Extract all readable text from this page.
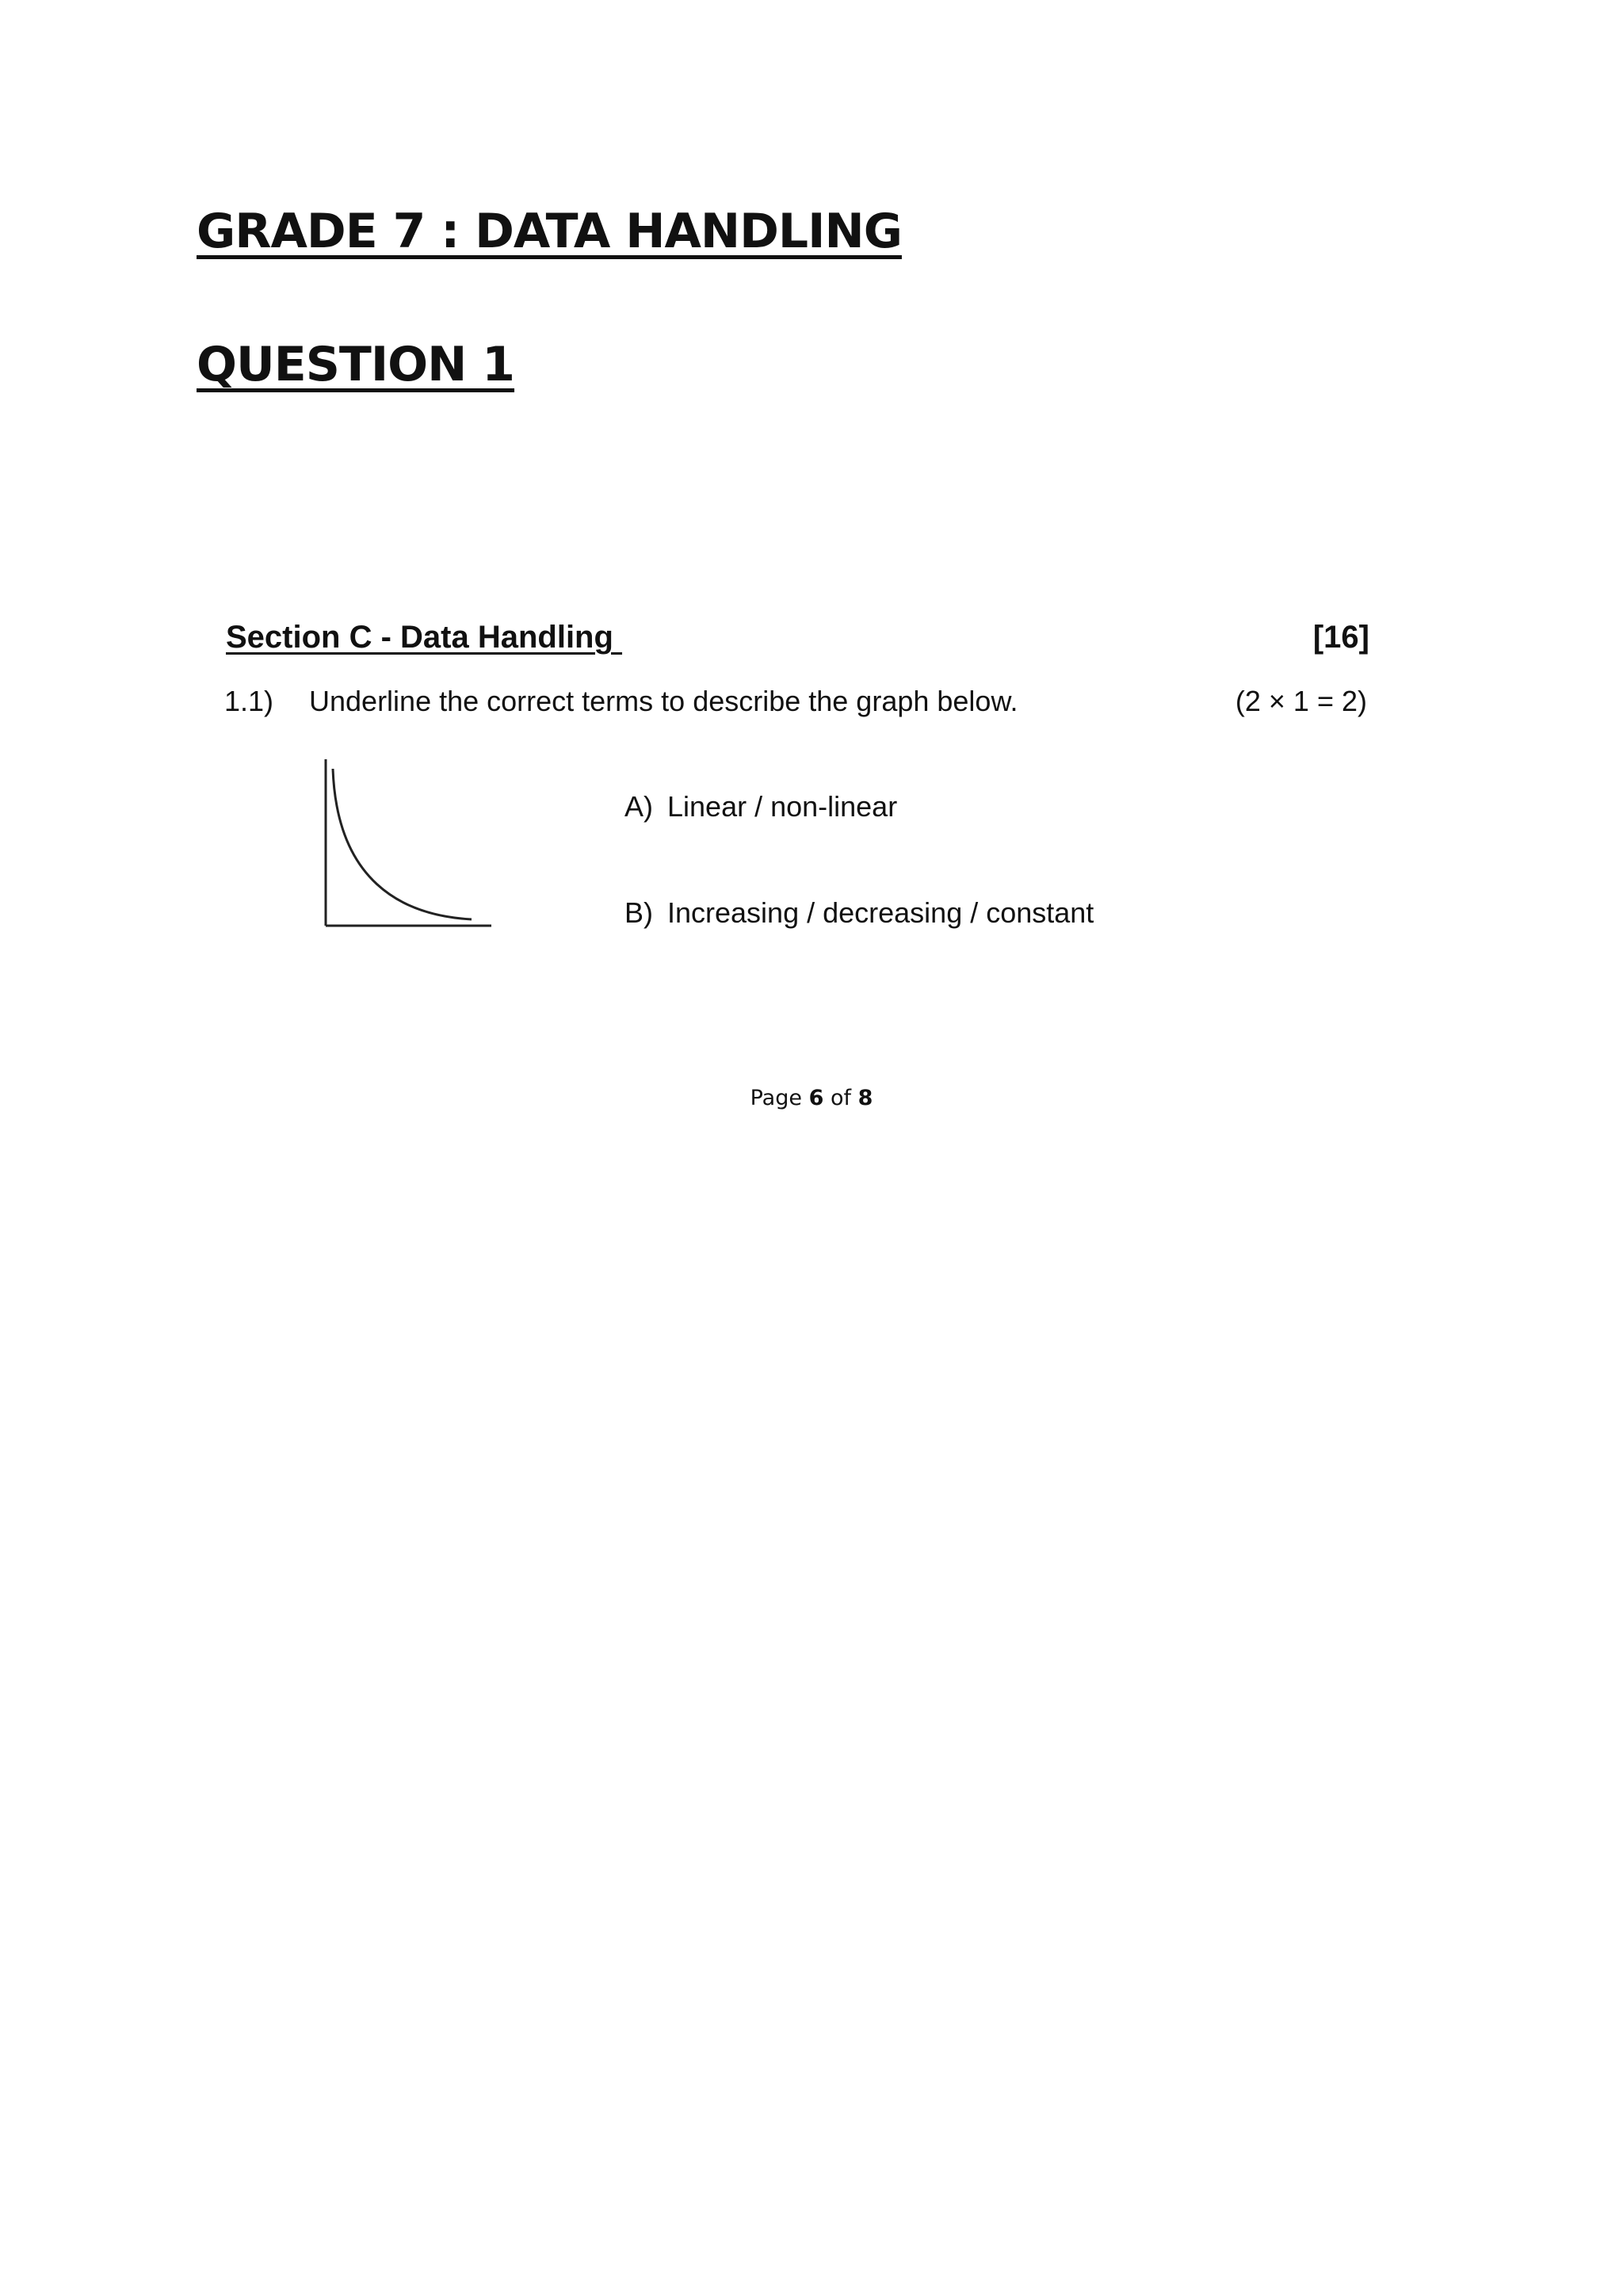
GRADE 7 : DATA HANDLING
QUESTION 1
Section C - Data Handling	[16]
1.1) Underline the correct terms to describe the graph below.	(2 × 1 = 2)
A) Linear / non-linear
B) Increasing / decreasing / constant
Page 6 of 8
